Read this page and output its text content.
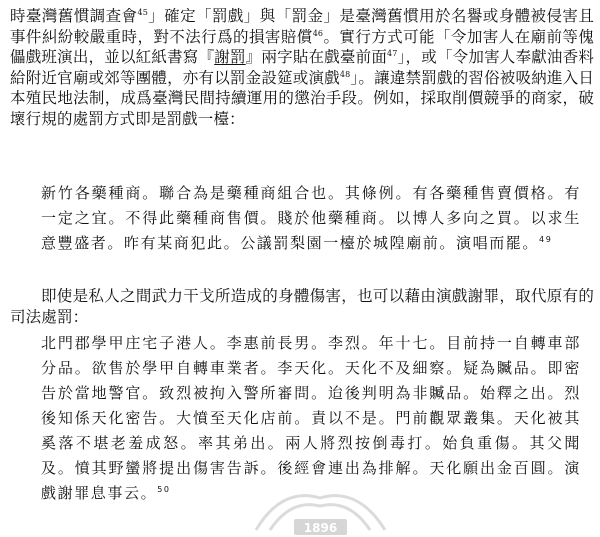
時臺灣舊慣調查會$^{45}$」確定「罰戲」與「罰金」是臺灣舊慣用於名譽或身體被侵害且事件糾紛較嚴重時，對不法行爲的損害賠償$^{46}$。實行方式可能「令加害人在廟前等傀儡戲班演出，並以紅紙書寫『謝罰』兩字貼在戲臺前面$^{47}$」，或「令加害人奉獻油香料給附近官廟或郊等團體，亦有以罰金設筵或演戲$^{48}$」。讓違禁罰戲的習俗被吸納進入日本殖民地法制，成爲臺灣民間持續運用的懲治手段。例如，採取削價競爭的商家，破壞行規的處罰方式即是罰戲一檯：
新竹各藥種商。聯合為是藥種商組合也。其條例。有各藥種售賣價格。有一定之宜。不得此藥種商售價。賤於他藥種商。以博人多向之買。以求生意豐盛者。昨有某商犯此。公議罰梨園一檯於城隍廟前。演唱而罷。$^{49}$
即使是私人之間武力干戈所造成的身體傷害，也可以藉由演戲謝罪，取代原有的司法處罰：
北門郡學甲庄宅子港人。李惠前長男。李烈。年十七。目前持一自轉車部分品。欲售於學甲自轉車業者。李天化。天化不及細察。疑為贓品。即密告於當地警官。致烈被拘入警所審問。迨後判明為非贓品。始釋之出。烈後知係天化密告。大憤至天化店前。責以不是。門前觀眾叢集。天化被其奚落不堪老羞成怒。率其弟出。兩人將烈按倒毒打。始負重傷。其父聞及。憤其野蠻將提出傷害告訴。後經會連出為排解。天化願出金百圓。演戲謝罪息事云。$^{50}$
1896
